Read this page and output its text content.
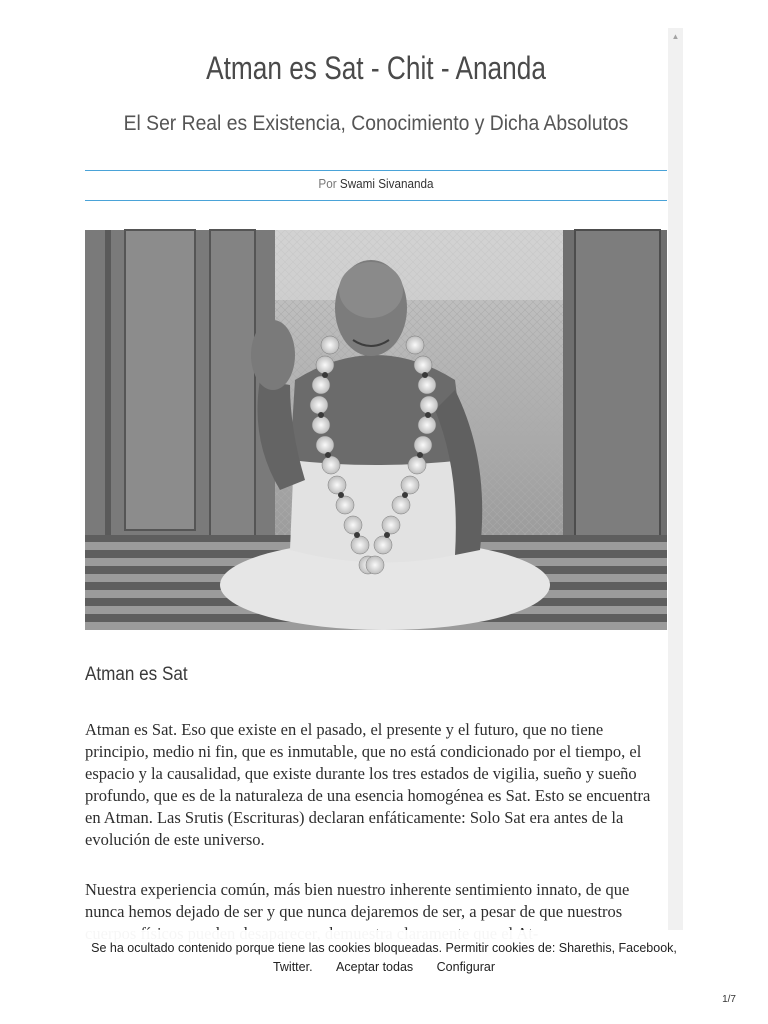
Atman es Sat - Chit - Ananda
El Ser Real es Existencia, Conocimiento y Dicha Absolutos
Por Swami Sivananda
Atman es Sat

Atman es Sat. Eso que existe en el pasado, el presente y el futuro, que no tiene principio, medio ni fin, que es inmutable, que no está condicionado por el tiempo, el espacio y la causalidad, que existe durante los tres estados de vigilia, sueño y sueño profundo, que es de la naturaleza de una esencia homogénea es Sat. Esto se encuentra en Atman. Las Srutis (Escrituras) declaran enfáticamente: Solo Sat era antes de la evolución de este universo.

Nuestra experiencia común, más bien nuestro inherente sentimiento innato, de que nunca hemos dejado de ser y que nunca dejaremos de ser, a pesar de que nuestros

▲
Se ha ocultado contenido porque tiene las cookies bloqueadas. Permitir cookies de: Sharethis, Facebook,
Twitter. Aceptar todas Configurar
1/7
